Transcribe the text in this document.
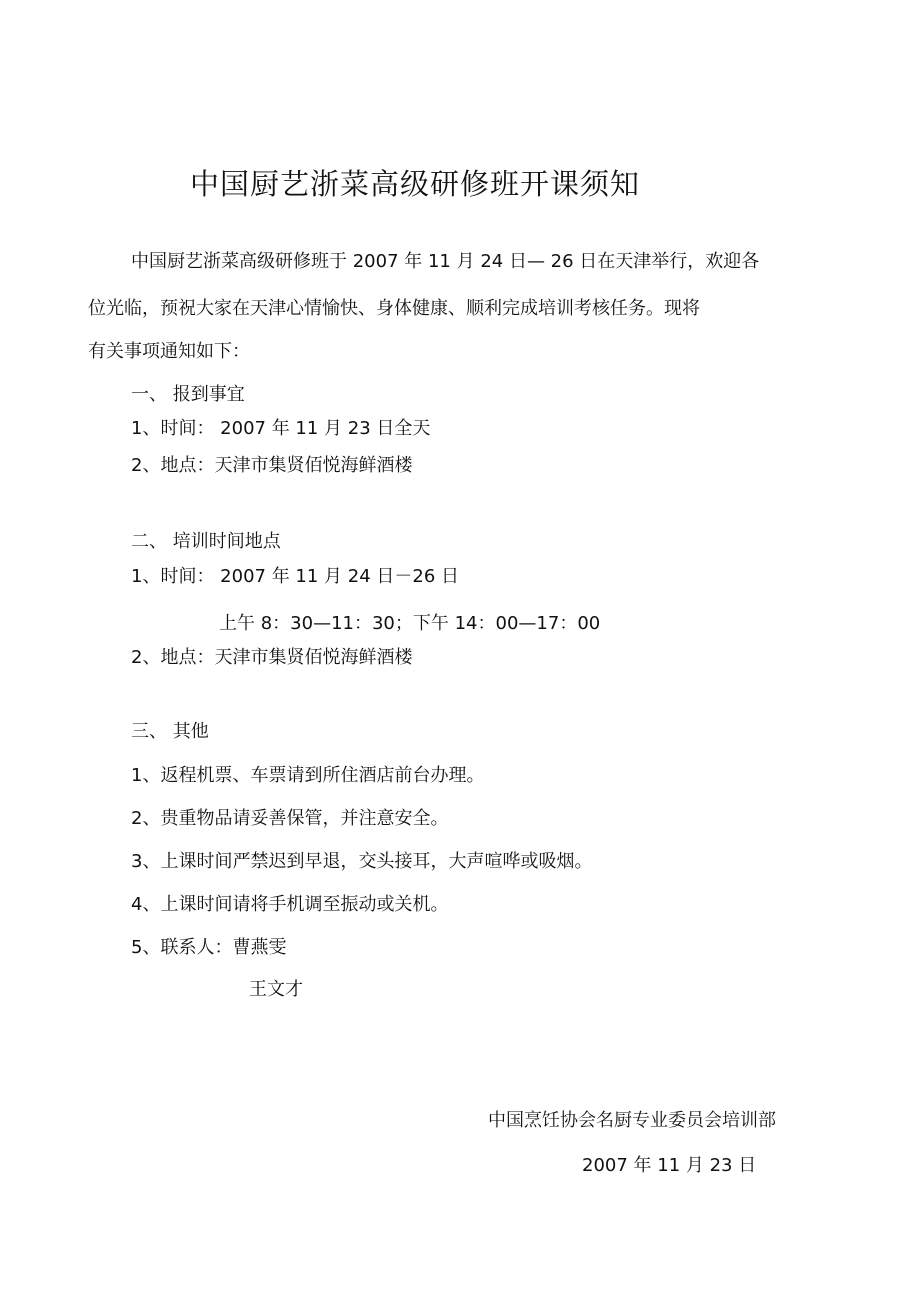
中国厨艺浙菜高级研修班开课须知
中国厨艺浙菜高级研修班于 2007 年 11 月 24 日— 26 日在天津举行，欢迎各
位光临，预祝大家在天津心情愉快、身体健康、顺利完成培训考核任务。现将
有关事项通知如下：
一、 报到事宜
1、时间： 2007 年 11 月 23 日全天
2、地点：天津市集贤佰悦海鲜酒楼
二、 培训时间地点
1、时间： 2007 年 11 月 24 日－26 日
上午 8：30—11：30；下午 14：00—17：00
2、地点：天津市集贤佰悦海鲜酒楼
三、 其他
1、返程机票、车票请到所住酒店前台办理。
2、贵重物品请妥善保管，并注意安全。
3、上课时间严禁迟到早退，交头接耳，大声喧哗或吸烟。
4、上课时间请将手机调至振动或关机。
5、联系人：曹燕雯
王文才
中国烹饪协会名厨专业委员会培训部
2007 年 11 月 23 日
